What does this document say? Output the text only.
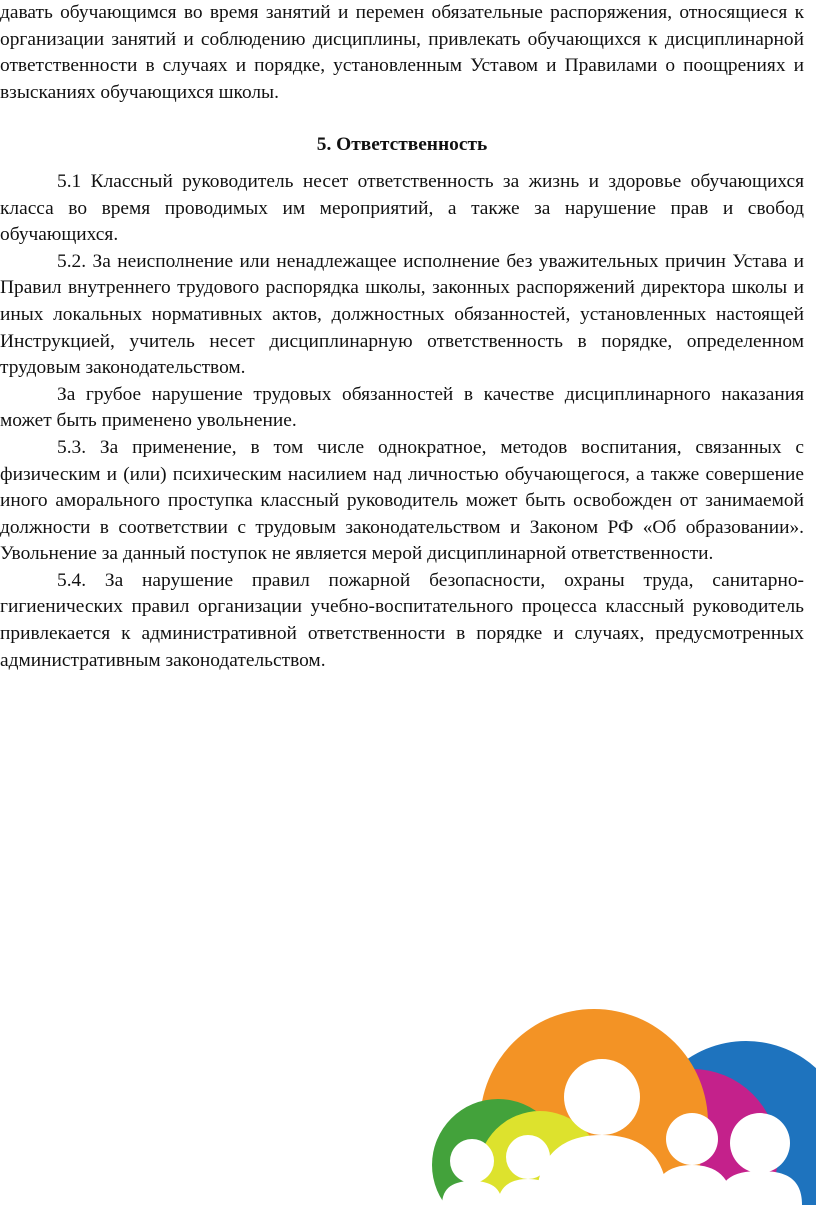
давать обучающимся во время занятий и перемен обязательные распоряжения, относящиеся к организации занятий и соблюдению дисциплины, привлекать обучающихся к дисциплинарной ответственности в случаях и порядке, установленным Уставом и Правилами о поощрениях и взысканиях обучающихся школы.

5. Ответственность

5.1 Классный руководитель несет ответственность за жизнь и здоровье обучающихся класса во время проводимых им мероприятий, а также за нарушение прав и свобод обучающихся.

5.2. За неисполнение или ненадлежащее исполнение без уважительных причин Устава и Правил внутреннего трудового распорядка школы, законных распоряжений директора школы и иных локальных нормативных актов, должностных обязанностей, установленных настоящей Инструкцией, учитель несет дисциплинарную ответственность в порядке, определенном трудовым законодательством.

За грубое нарушение трудовых обязанностей в качестве дисциплинарного наказания может быть применено увольнение.

5.3. За применение, в том числе однократное, методов воспитания, связанных с физическим и (или) психическим насилием над личностью обучающегося, а также совершение иного аморального проступка классный руководитель может быть освобожден от занимаемой должности в соответствии с трудовым законодательством и Законом РФ «Об образовании». Увольнение за данный поступок не является мерой дисциплинарной ответственности.

5.4. За нарушение правил пожарной безопасности, охраны труда, санитарно-гигиенических правил организации учебно-воспитательного процесса классный руководитель привлекается к административной ответственности в порядке и случаях, предусмотренных административным законодательством.
